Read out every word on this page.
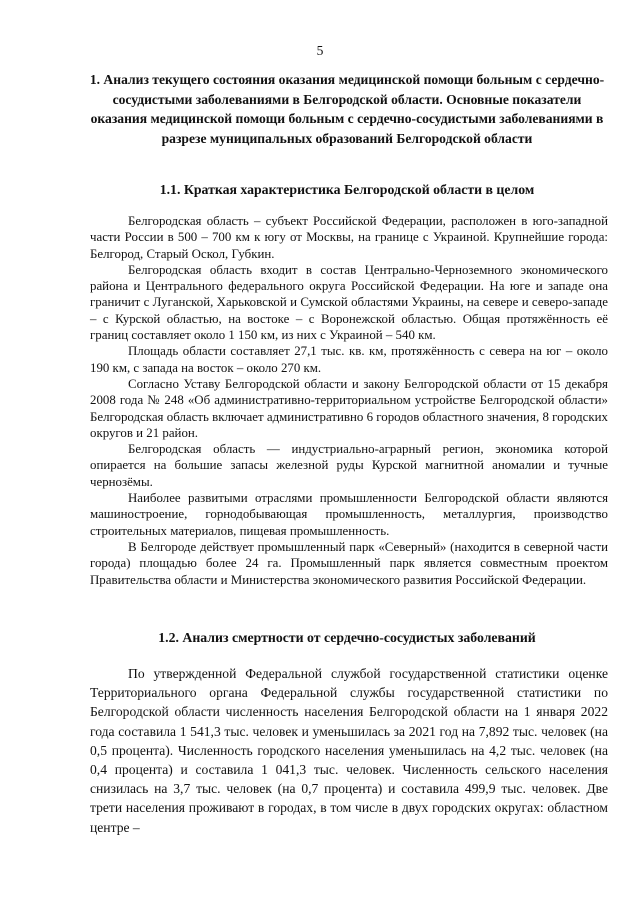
5
1. Анализ текущего состояния оказания медицинской помощи больным с сердечно-сосудистыми заболеваниями в Белгородской области. Основные показатели оказания медицинской помощи больным с сердечно-сосудистыми заболеваниями в разрезе муниципальных образований Белгородской области
1.1. Краткая характеристика Белгородской области в целом

Белгородская область – субъект Российской Федерации, расположен в юго-западной части России в 500 – 700 км к югу от Москвы, на границе с Украиной. Крупнейшие города: Белгород, Старый Оскол, Губкин.

Белгородская область входит в состав Центрально-Черноземного экономического района и Центрального федерального округа Российской Федерации. На юге и западе она граничит с Луганской, Харьковской и Сумской областями Украины, на севере и северо-западе – с Курской областью, на востоке – с Воронежской областью. Общая протяжённость её границ составляет около 1 150 км, из них с Украиной – 540 км.

Площадь области составляет 27,1 тыс. кв. км, протяжённость с севера на юг – около 190 км, с запада на восток – около 270 км.

Согласно Уставу Белгородской области и закону Белгородской области от 15 декабря 2008 года № 248 «Об административно-территориальном устройстве Белгородской области» Белгородская область включает административно 6 городов областного значения, 8 городских округов и 21 район.

Белгородская область — индустриально-аграрный регион, экономика которой опирается на большие запасы железной руды Курской магнитной аномалии и тучные чернозёмы.

Наиболее развитыми отраслями промышленности Белгородской области являются машиностроение, горнодобывающая промышленность, металлургия, производство строительных материалов, пищевая промышленность.

В Белгороде действует промышленный парк «Северный» (находится в северной части города) площадью более 24 га. Промышленный парк является совместным проектом Правительства области и Министерства экономического развития Российской Федерации.

1.2. Анализ смертности от сердечно-сосудистых заболеваний

По утвержденной Федеральной службой государственной статистики оценке Территориального органа Федеральной службы государственной статистики по Белгородской области численность населения Белгородской области на 1 января 2022 года составила 1 541,3 тыс. человек и уменьшилась за 2021 год на 7,892 тыс. человек (на 0,5 процента). Численность городского населения уменьшилась на 4,2 тыс. человек (на 0,4 процента) и составила 1 041,3 тыс. человек. Численность сельского населения снизилась на 3,7 тыс. человек (на 0,7 процента) и составила 499,9 тыс. человек. Две трети населения проживают в городах, в том числе в двух городских округах: областном центре –
